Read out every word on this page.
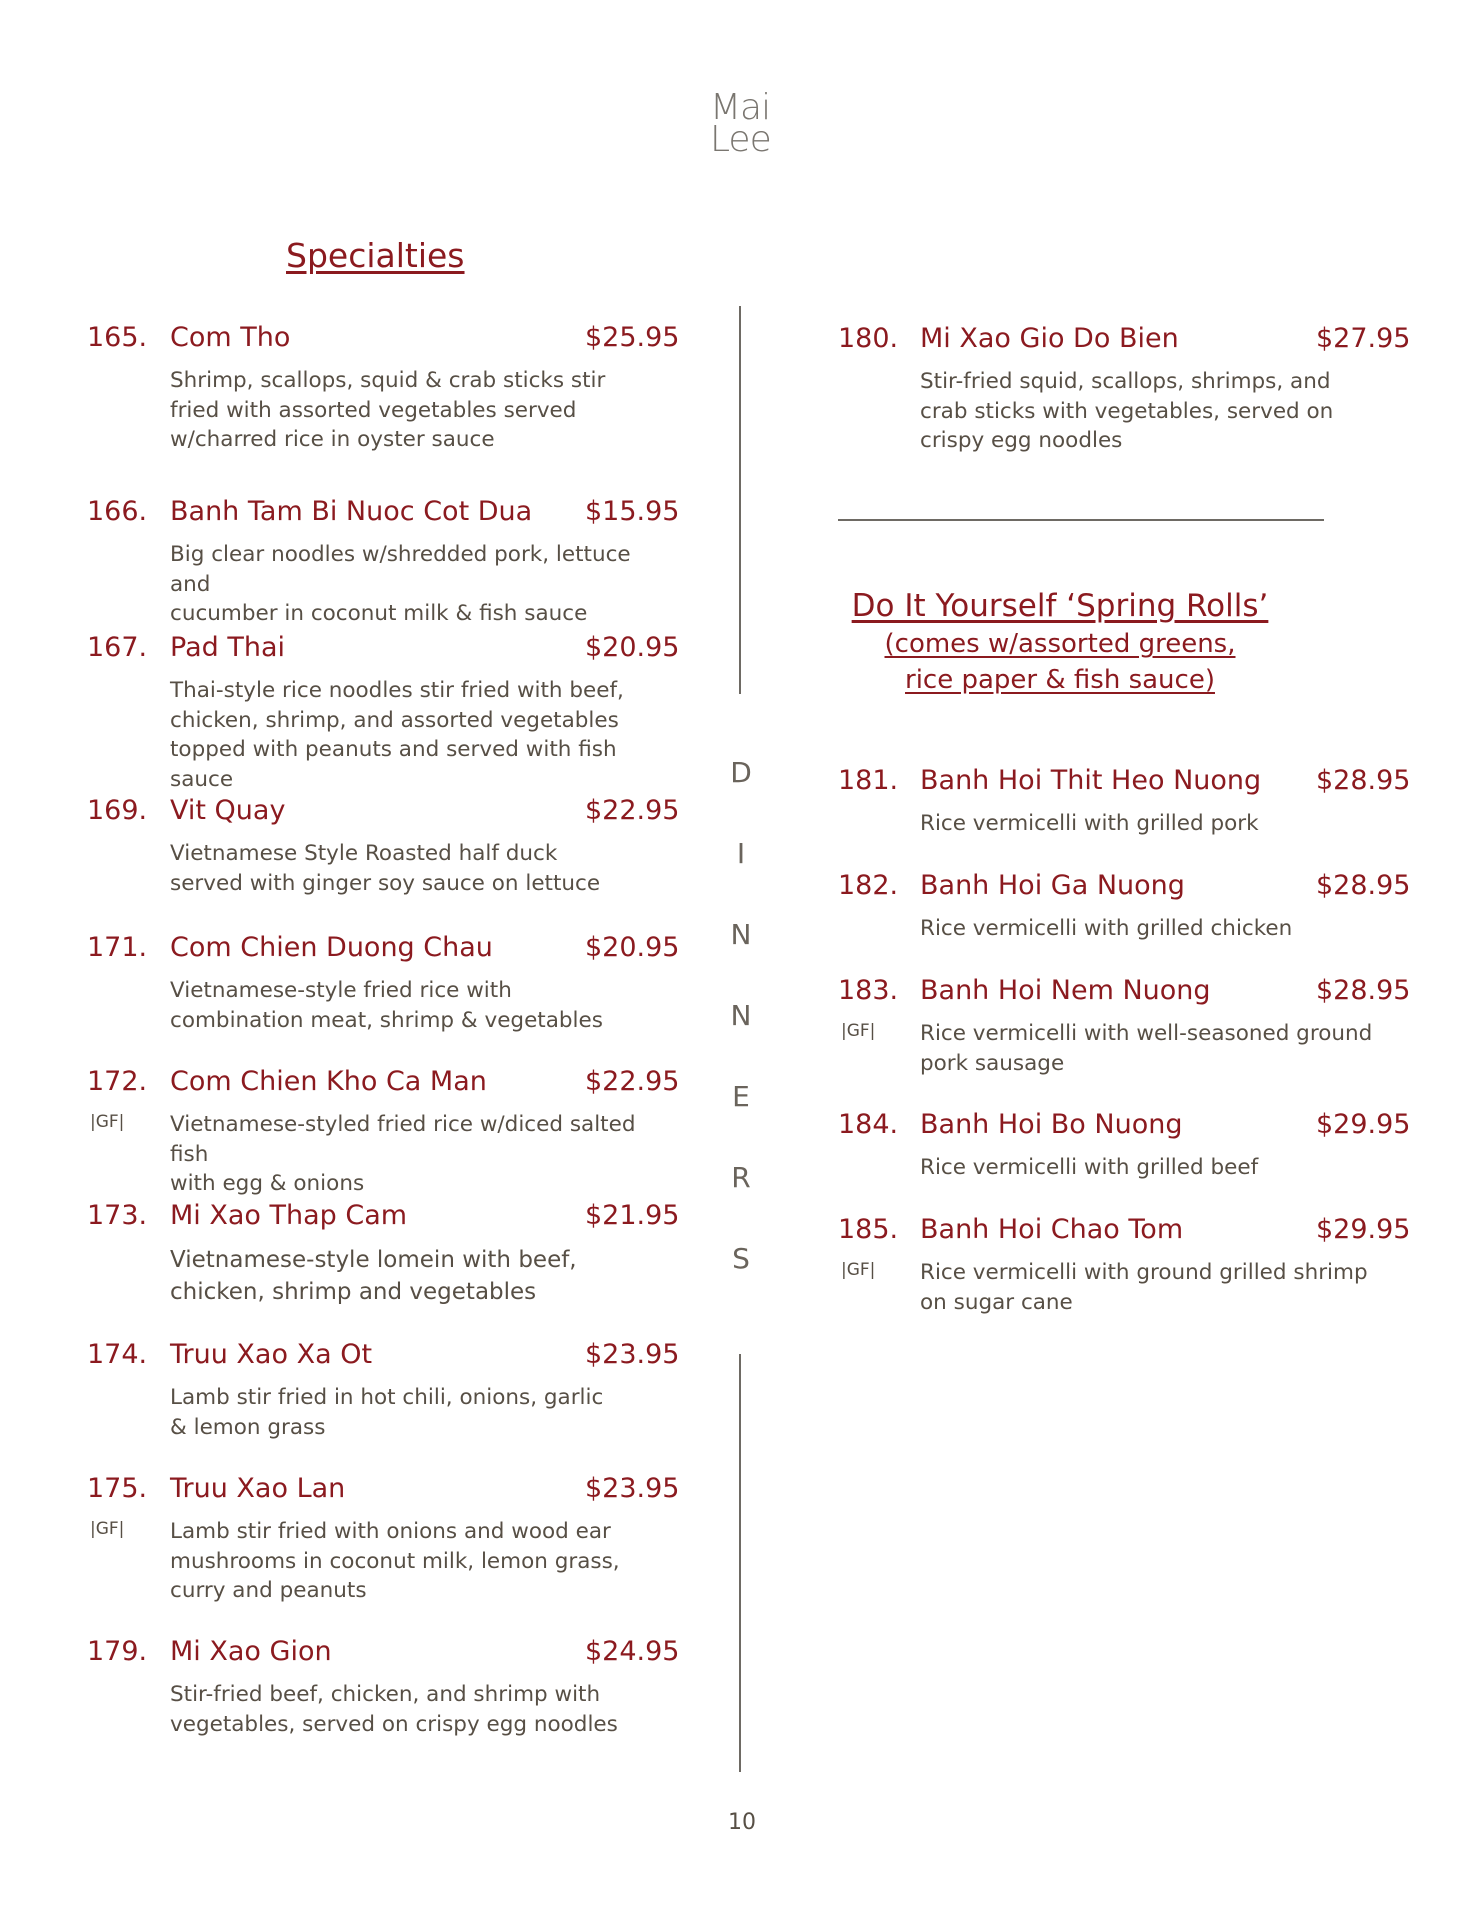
Mai
Lee
Specialties
165. Com Tho	$25.95
Shrimp, scallops, squid & crab sticks stir
fried with assorted vegetables served
w/charred rice in oyster sauce
166. Banh Tam Bi Nuoc Cot Dua $15.95
Big clear noodles w/shredded pork, lettuce and
cucumber in coconut milk & fish sauce
167. Pad Thai	$20.95
Thai-style rice noodles stir fried with beef,
chicken, shrimp, and assorted vegetables
topped with peanuts and served with fish sauce
169. Vit Quay	$22.95
Vietnamese Style Roasted half duck
served with ginger soy sauce on lettuce
171. Com Chien Duong Chau	$20.95
Vietnamese-style fried rice with
combination meat, shrimp & vegetables
172. Com Chien Kho Ca Man	$22.95
|GF| Vietnamese-styled fried rice w/diced salted fish
with egg & onions
173. Mi Xao Thap Cam	$21.95
Vietnamese-style lomein with beef,
chicken, shrimp and vegetables
174. Truu Xao Xa Ot	$23.95
Lamb stir fried in hot chili, onions, garlic
& lemon grass
175. Truu Xao Lan	$23.95
|GF| Lamb stir fried with onions and wood ear
mushrooms in coconut milk, lemon grass,
curry and peanuts
179. Mi Xao Gion	$24.95
Stir-fried beef, chicken, and shrimp with
vegetables, served on crispy egg noodles
D
I
N
N
E
R
S
180. Mi Xao Gio Do Bien	$27.95
Stir-fried squid, scallops, shrimps, and
crab sticks with vegetables, served on
crispy egg noodles
Do It Yourself ‘Spring Rolls’
(comes w/assorted greens,
rice paper & fish sauce)
181. Banh Hoi Thit Heo Nuong $28.95
Rice vermicelli with grilled pork
182. Banh Hoi Ga Nuong	$28.95
Rice vermicelli with grilled chicken
183. Banh Hoi Nem Nuong	$28.95
|GF| Rice vermicelli with well-seasoned ground
pork sausage
184. Banh Hoi Bo Nuong	$29.95
Rice vermicelli with grilled beef
185. Banh Hoi Chao Tom	$29.95
|GF| Rice vermicelli with ground grilled shrimp
on sugar cane
10
